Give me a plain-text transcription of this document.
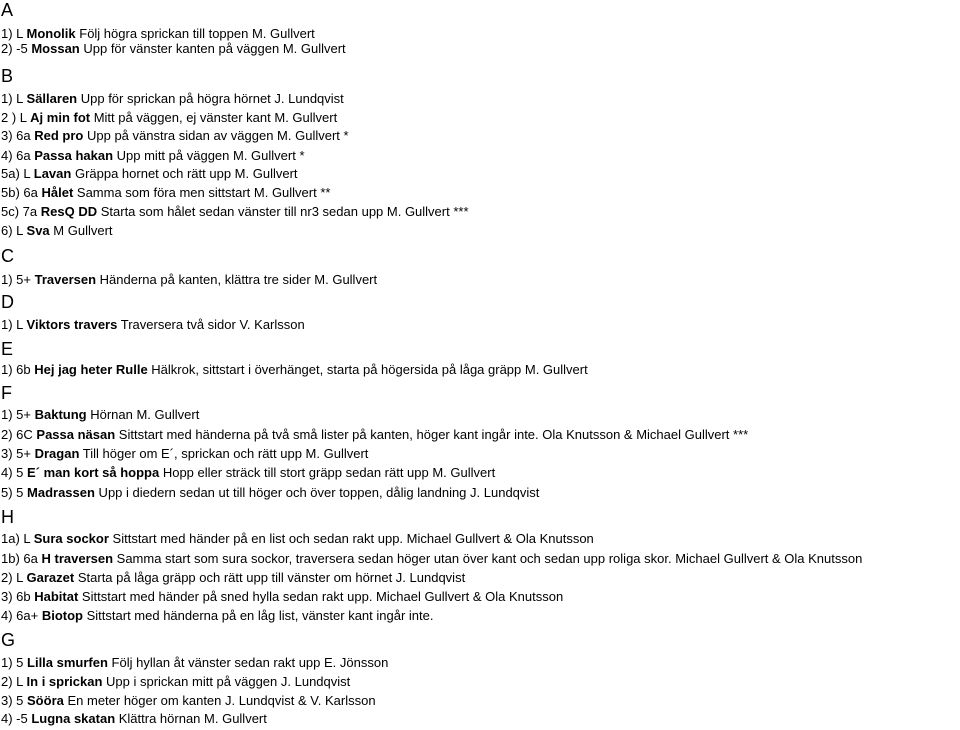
A
1) L Monolik Följ högra sprickan till toppen M. Gullvert
2) -5 Mossan Upp för vänster kanten på väggen M. Gullvert
B
1) L Sällaren Upp för sprickan på högra hörnet J. Lundqvist
2 ) L Aj min fot Mitt på väggen, ej vänster kant M. Gullvert
3) 6a Red pro Upp på vänstra sidan av väggen M. Gullvert *
4) 6a Passa hakan Upp mitt på väggen M. Gullvert *
5a) L Lavan Gräppa hornet och rätt upp M. Gullvert
5b) 6a Hålet Samma som föra men sittstart M. Gullvert **
5c) 7a ResQ DD Starta som hålet sedan vänster till nr3 sedan upp M. Gullvert ***
6) L Sva M Gullvert
C
1) 5+ Traversen Händerna på kanten, klättra tre sider M. Gullvert
D
1) L Viktors travers Traversera två sidor V. Karlsson
E
1) 6b Hej jag heter Rulle Hälkrok, sittstart i överhänget, starta på högersida på låga gräpp M. Gullvert
F
1) 5+ Baktung Hörnan M. Gullvert
2) 6C Passa näsan Sittstart med händerna på två små lister på kanten, höger kant ingår inte. Ola Knutsson & Michael Gullvert ***
3) 5+ Dragan Till höger om E´, sprickan och rätt upp M. Gullvert
4) 5 E´ man kort så hoppa Hopp eller sträck till stort gräpp sedan rätt upp M. Gullvert
5) 5 Madrassen Upp i diedern sedan ut till höger och över toppen, dålig landning J. Lundqvist
H
1a) L Sura sockor Sittstart med händer på en list och sedan rakt upp. Michael Gullvert & Ola Knutsson
1b) 6a H traversen Samma start som sura sockor, traversera sedan höger utan över kant och sedan upp roliga skor. Michael Gullvert & Ola Knutsson
2) L Garazet Starta på låga gräpp och rätt upp till vänster om hörnet J. Lundqvist
3) 6b Habitat Sittstart med händer på sned hylla sedan rakt upp. Michael Gullvert & Ola Knutsson
4) 6a+ Biotop Sittstart med händerna på en låg list, vänster kant ingår inte.
G
1) 5 Lilla smurfen Följ hyllan åt vänster sedan rakt upp E. Jönsson
2) L In i sprickan Upp i sprickan mitt på väggen J. Lundqvist
3) 5 Sööra En meter höger om kanten J. Lundqvist & V. Karlsson
4) -5 Lugna skatan Klättra hörnan M. Gullvert
